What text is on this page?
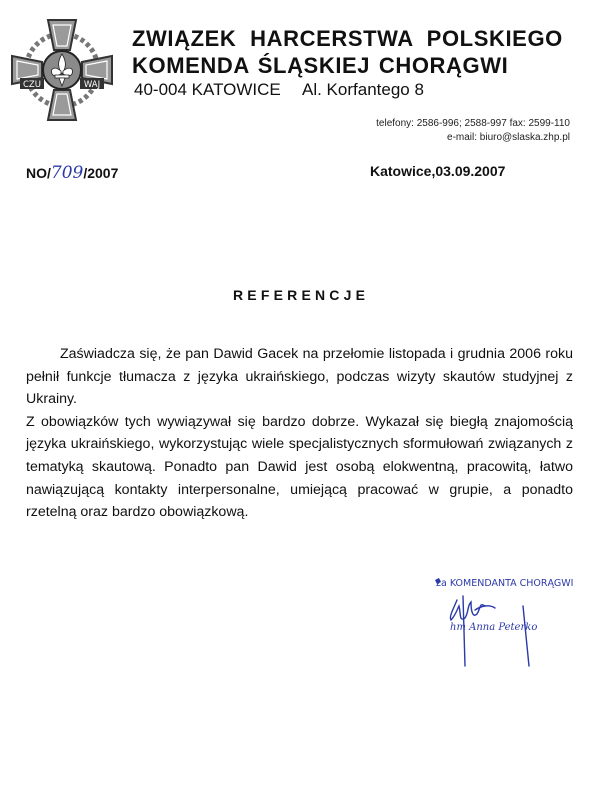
CZU	WAJ
ZWIĄZEK HARCERSTWA POLSKIEGO
KOMENDA ŚLĄSKIEJ CHORĄGWI
40-004 KATOWICE Al. Korfantego 8
telefony: 2586-996; 2588-997 fax: 2599-110
e-mail: biuro@slaska.zhp.pl
NO/709/2007	Katowice,03.09.2007
REFERENCJE

Zaświadcza się, że pan Dawid Gacek na przełomie listopada i grudnia 2006 roku pełnił funkcje tłumacza z języka ukraińskiego, podczas wizyty skautów studyjnej z Ukrainy.

Z obowiązków tych wywiązywał się bardzo dobrze. Wykazał się biegłą znajomością języka ukraińskiego, wykorzystując wiele specjalistycznych sformułowań związanych z tematyką skautową. Ponadto pan Dawid jest osobą elokwentną, pracowitą, łatwo nawiązującą kontakty interpersonalne, umiejącą pracować w grupie, a ponadto rzetelną oraz bardzo obowiązkową.

za KOMENDANTA CHORĄGWI
hm Anna Peterko
